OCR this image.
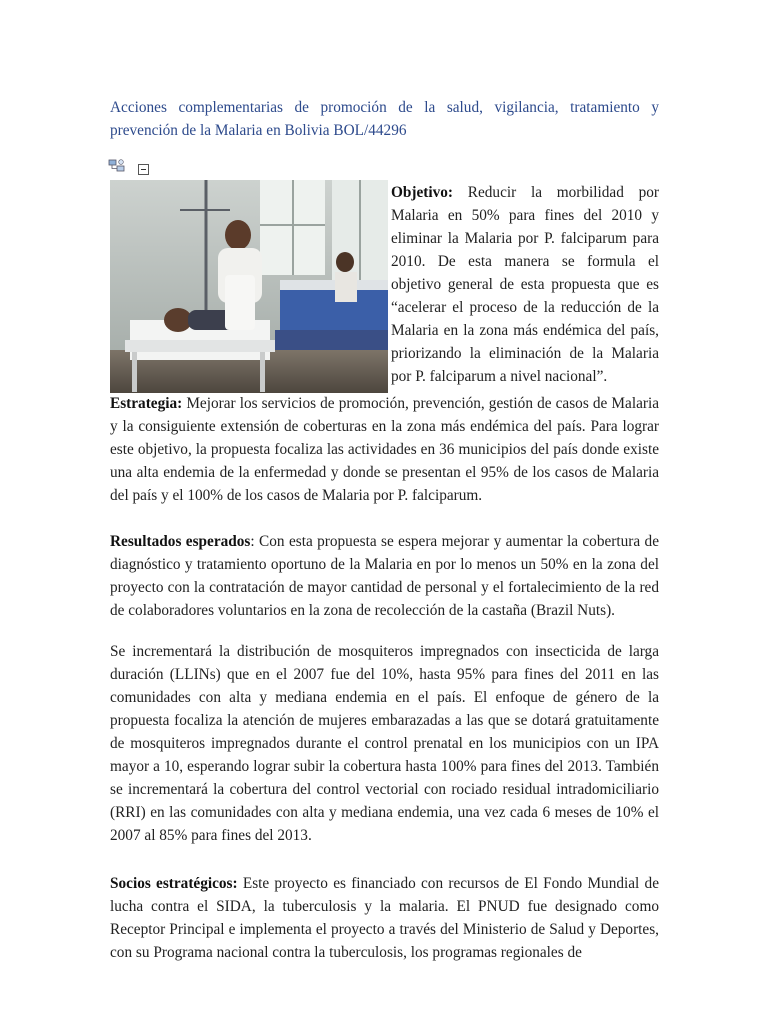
Acciones complementarias de promoción de la salud, vigilancia, tratamiento y prevención de la Malaria en Bolivia BOL/44296
Objetivo: Reducir la morbilidad por Malaria en 50% para fines del 2010 y eliminar la Malaria por P. falciparum para 2010. De esta manera se formula el objetivo general de esta propuesta que es “acelerar el proceso de la reducción de la Malaria en la zona más endémica del país, priorizando la eliminación de la Malaria por P. falciparum a nivel nacional”.
Estrategia: Mejorar los servicios de promoción, prevención, gestión de casos de Malaria y la consiguiente extensión de coberturas en la zona más endémica del país. Para lograr este objetivo, la propuesta focaliza las actividades en 36 municipios del país donde existe una alta endemia de la enfermedad y donde se presentan el 95% de los casos de Malaria del país y el 100% de los casos de Malaria por P. falciparum.
Resultados esperados: Con esta propuesta se espera mejorar y aumentar la cobertura de diagnóstico y tratamiento oportuno de la Malaria en por lo menos un 50% en la zona del proyecto con la contratación de mayor cantidad de personal y el fortalecimiento de la red de colaboradores voluntarios en la zona de recolección de la castaña (Brazil Nuts).
Se incrementará la distribución de mosquiteros impregnados con insecticida de larga duración (LLINs) que en el 2007 fue del 10%, hasta 95% para fines del 2011 en las comunidades con alta y mediana endemia en el país. El enfoque de género de la propuesta focaliza la atención de mujeres embarazadas a las que se dotará gratuitamente de mosquiteros impregnados durante el control prenatal en los municipios con un IPA mayor a 10, esperando lograr subir la cobertura hasta 100% para fines del 2013. También se incrementará la cobertura del control vectorial con rociado residual intradomiciliario (RRI) en las comunidades con alta y mediana endemia, una vez cada 6 meses de 10% el 2007 al 85% para fines del 2013.
Socios estratégicos: Este proyecto es financiado con recursos de El Fondo Mundial de lucha contra el SIDA, la tuberculosis y la malaria. El PNUD fue designado como Receptor Principal e implementa el proyecto a través del Ministerio de Salud y Deportes, con su Programa nacional contra la tuberculosis, los programas regionales de
